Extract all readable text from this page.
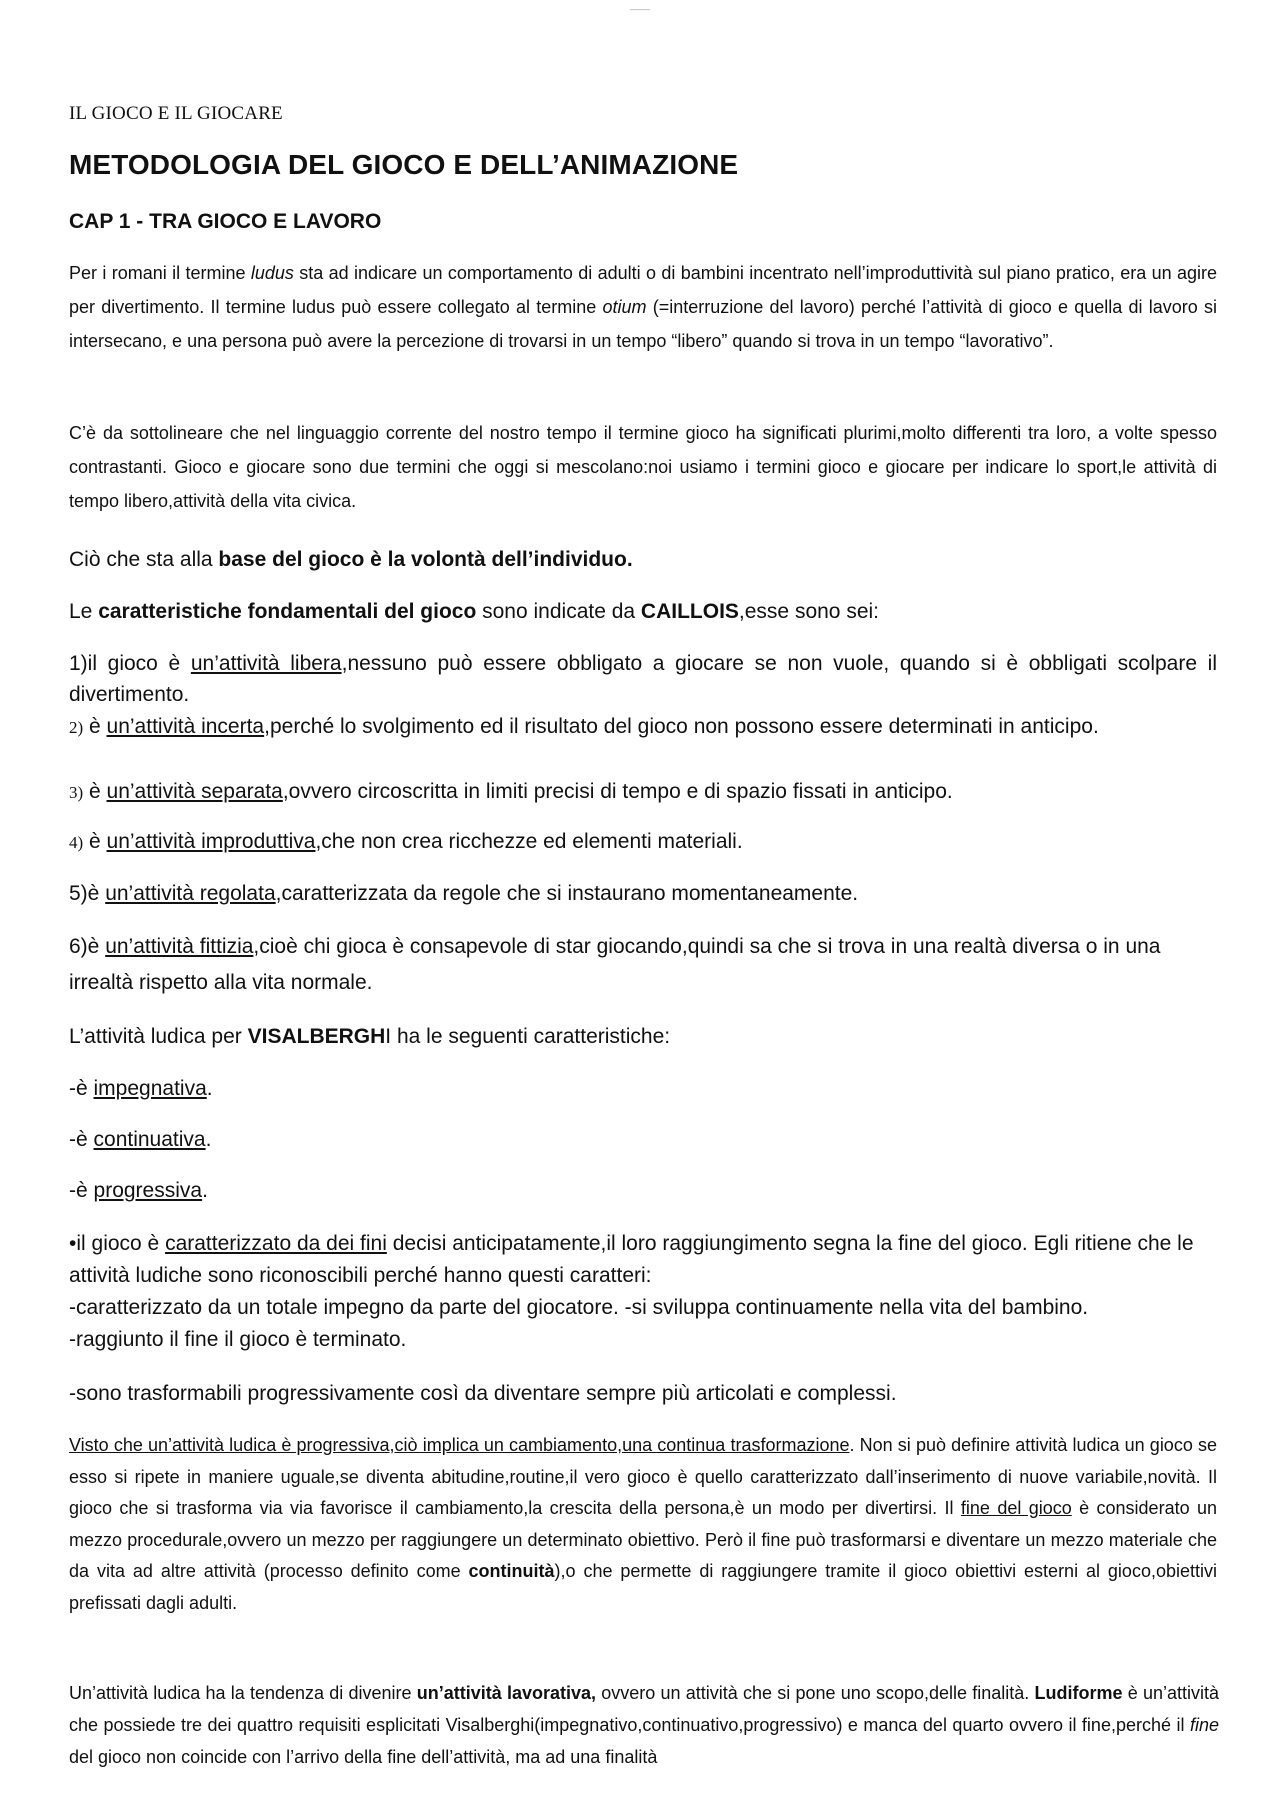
____
IL GIOCO E IL GIOCARE
METODOLOGIA DEL GIOCO E DELL’ANIMAZIONE
CAP 1 - TRA GIOCO E LAVORO

Per i romani il termine ludus sta ad indicare un comportamento di adulti o di bambini incentrato nell’improduttività sul piano pratico, era un agire per divertimento. Il termine ludus può essere collegato al termine otium (=interruzione del lavoro) perché l’attività di gioco e quella di lavoro si intersecano, e una persona può avere la percezione di trovarsi in un tempo “libero” quando si trova in un tempo “lavorativo”.

C’è da sottolineare che nel linguaggio corrente del nostro tempo il termine gioco ha significati plurimi,molto differenti tra loro, a volte spesso contrastanti. Gioco e giocare sono due termini che oggi si mescolano:noi usiamo i termini gioco e giocare per indicare lo sport,le attività di tempo libero,attività della vita civica.

Ciò che sta alla base del gioco è la volontà dell’individuo.

Le caratteristiche fondamentali del gioco sono indicate da CAILLOIS,esse sono sei:

1)il gioco è un’attività libera,nessuno può essere obbligato a giocare se non vuole, quando si è obbligati scolpare il divertimento.

2) è un’attività incerta,perché lo svolgimento ed il risultato del gioco non possono essere determinati in anticipo.

3) è un’attività separata,ovvero circoscritta in limiti precisi di tempo e di spazio fissati in anticipo.

4) è un’attività improduttiva,che non crea ricchezze ed elementi materiali.

5)è un’attività regolata,caratterizzata da regole che si instaurano momentaneamente.

6)è un’attività fittizia,cioè chi gioca è consapevole di star giocando,quindi sa che si trova in una realtà diversa o in una irrealtà rispetto alla vita normale.

L’attività ludica per VISALBERGHI ha le seguenti caratteristiche:

-è impegnativa.

-è continuativa.

-è progressiva.

•il gioco è caratterizzato da dei fini decisi anticipatamente,il loro raggiungimento segna la fine del gioco. Egli ritiene che le attività ludiche sono riconoscibili perché hanno questi caratteri:
-caratterizzato da un totale impegno da parte del giocatore. -si sviluppa continuamente nella vita del bambino.
-raggiunto il fine il gioco è terminato.

-sono trasformabili progressivamente così da diventare sempre più articolati e complessi.

Visto che un’attività ludica è progressiva,ciò implica un cambiamento,una continua trasformazione. Non si può definire attività ludica un gioco se esso si ripete in maniere uguale,se diventa abitudine,routine,il vero gioco è quello caratterizzato dall’inserimento di nuove variabile,novità. Il gioco che si trasforma via via favorisce il cambiamento,la crescita della persona,è un modo per divertirsi. Il fine del gioco è considerato un mezzo procedurale,ovvero un mezzo per raggiungere un determinato obiettivo. Però il fine può trasformarsi e diventare un mezzo materiale che da vita ad altre attività (processo definito come continuità),o che permette di raggiungere tramite il gioco obiettivi esterni al gioco,obiettivi prefissati dagli adulti.

Un’attività ludica ha la tendenza di divenire un’attività lavorativa, ovvero un attività che si pone uno scopo,delle finalità. Ludiforme è un’attività che possiede tre dei quattro requisiti esplicitati Visalberghi(impegnativo,continuativo,progressivo) e manca del quarto ovvero il fine,perché il fine del gioco non coincide con l’arrivo della fine dell’attività, ma ad una finalità
